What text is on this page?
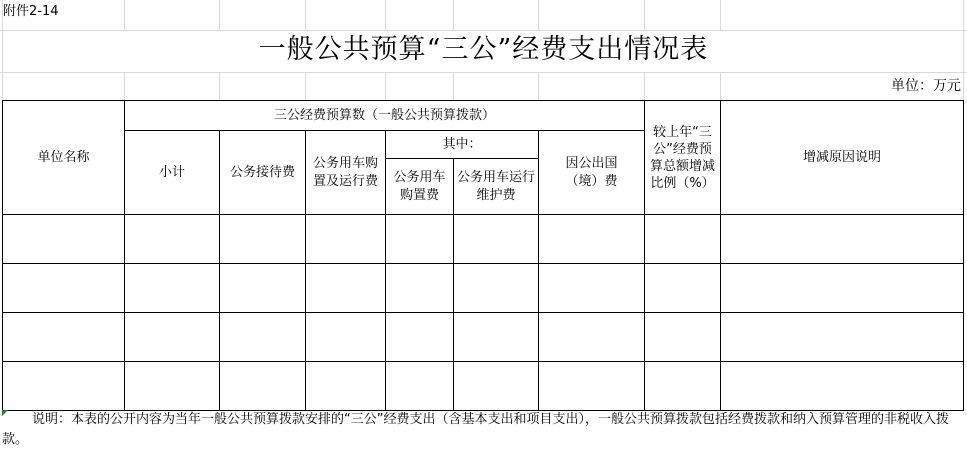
附件2-14
一般公共预算“三公”经费支出情况表
单位：万元
单位名称	三公经费预算数（一般公共预算拨款）						较上年“三公”经费预算总额增减比例（%）	增减原因说明
	小计	公务接待费	公务用车购置及运行费	其中：		因公出国（境）费		
				公务用车购置费	公务用车运行维护费			

说明：本表的公开内容为当年一般公共预算拨款安排的“三公”经费支出（含基本支出和项目支出），一般公共预算拨款包括经费拨款和纳入预算管理的非税收入拨款。
